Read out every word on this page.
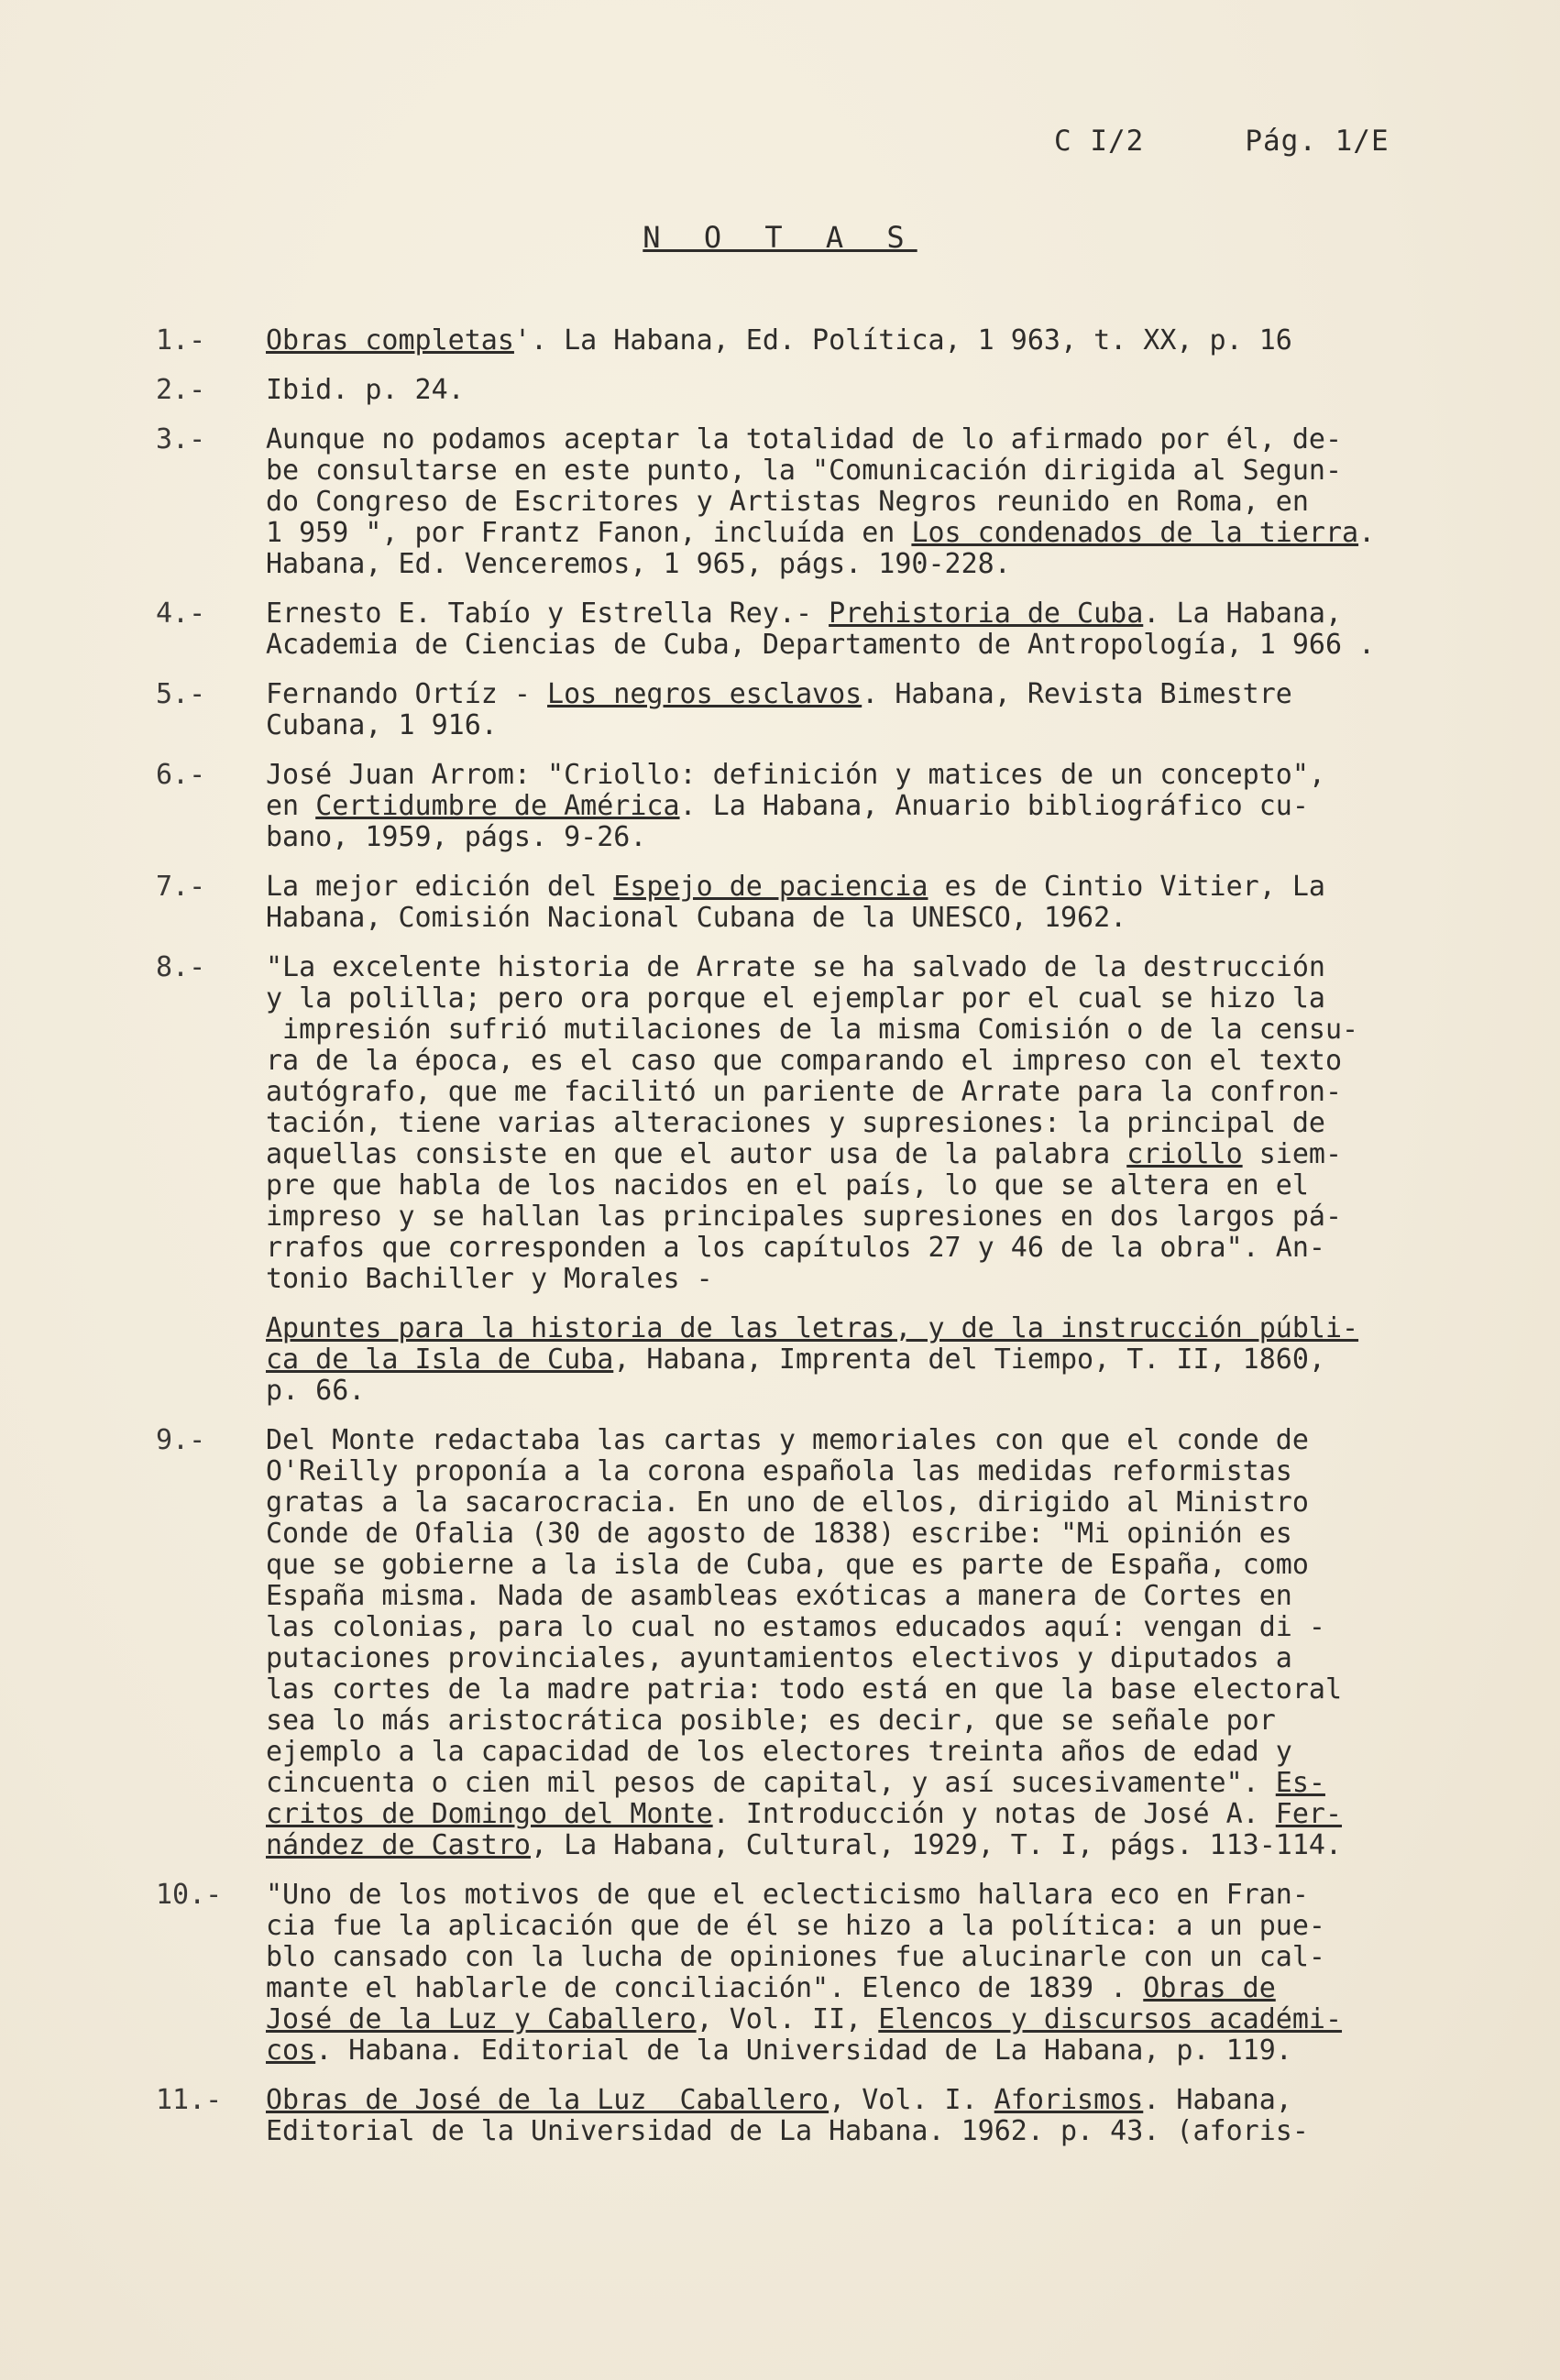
C I/2	Pág. 1/E
N O T A S
1.-	Obras completas'. La Habana, Ed. Política, 1 963, t. XX, p. 16
2.-	Ibid. p. 24.
3.-	Aunque no podamos aceptar la totalidad de lo afirmado por él, de-
be consultarse en este punto, la "Comunicación dirigida al Segun-
do Congreso de Escritores y Artistas Negros reunido en Roma, en
1 959 ", por Frantz Fanon, incluída en Los condenados de la tierra.
Habana, Ed. Venceremos, 1 965, págs. 190-228.
4.-	Ernesto E. Tabío y Estrella Rey.- Prehistoria de Cuba. La Habana,
Academia de Ciencias de Cuba, Departamento de Antropología, 1 966 .
5.-	Fernando Ortíz - Los negros esclavos. Habana, Revista Bimestre
Cubana, 1 916.
6.-	José Juan Arrom: "Criollo: definición y matices de un concepto",
en Certidumbre de América. La Habana, Anuario bibliográfico cu-
bano, 1959, págs. 9-26.
7.-	La mejor edición del Espejo de paciencia es de Cintio Vitier, La
Habana, Comisión Nacional Cubana de la UNESCO, 1962.
8.-	"La excelente historia de Arrate se ha salvado de la destrucción
y la polilla; pero ora porque el ejemplar por el cual se hizo la
impresión sufrió mutilaciones de la misma Comisión o de la censu-
ra de la época, es el caso que comparando el impreso con el texto
autógrafo, que me facilitó un pariente de Arrate para la confron-
tación, tiene varias alteraciones y supresiones: la principal de
aquellas consiste en que el autor usa de la palabra criollo siem-
pre que habla de los nacidos en el país, lo que se altera en el
impreso y se hallan las principales supresiones en dos largos pá-
rrafos que corresponden a los capítulos 27 y 46 de la obra". An-
tonio Bachiller y Morales -
Apuntes para la historia de las letras, y de la instrucción públi-
ca de la Isla de Cuba, Habana, Imprenta del Tiempo, T. II, 1860,
p. 66.
9.-	Del Monte redactaba las cartas y memoriales con que el conde de
O'Reilly proponía a la corona española las medidas reformistas
gratas a la sacarocracia. En uno de ellos, dirigido al Ministro
Conde de Ofalia (30 de agosto de 1838) escribe: "Mi opinión es
que se gobierne a la isla de Cuba, que es parte de España, como
España misma. Nada de asambleas exóticas a manera de Cortes en
las colonias, para lo cual no estamos educados aquí: vengan di -
putaciones provinciales, ayuntamientos electivos y diputados a
las cortes de la madre patria: todo está en que la base electoral
sea lo más aristocrática posible; es decir, que se señale por
ejemplo a la capacidad de los electores treinta años de edad y
cincuenta o cien mil pesos de capital, y así sucesivamente". Es-
critos de Domingo del Monte. Introducción y notas de José A. Fer-
nández de Castro, La Habana, Cultural, 1929, T. I, págs. 113-114.
10.-	"Uno de los motivos de que el eclecticismo hallara eco en Fran-
cia fue la aplicación que de él se hizo a la política: a un pue-
blo cansado con la lucha de opiniones fue alucinarle con un cal-
mante el hablarle de conciliación". Elenco de 1839 . Obras de
José de la Luz y Caballero, Vol. II, Elencos y discursos académi-
cos. Habana. Editorial de la Universidad de La Habana, p. 119.
11.-	Obras de José de la Luz  Caballero, Vol. I. Aforismos. Habana,
Editorial de la Universidad de La Habana. 1962. p. 43. (aforis-
